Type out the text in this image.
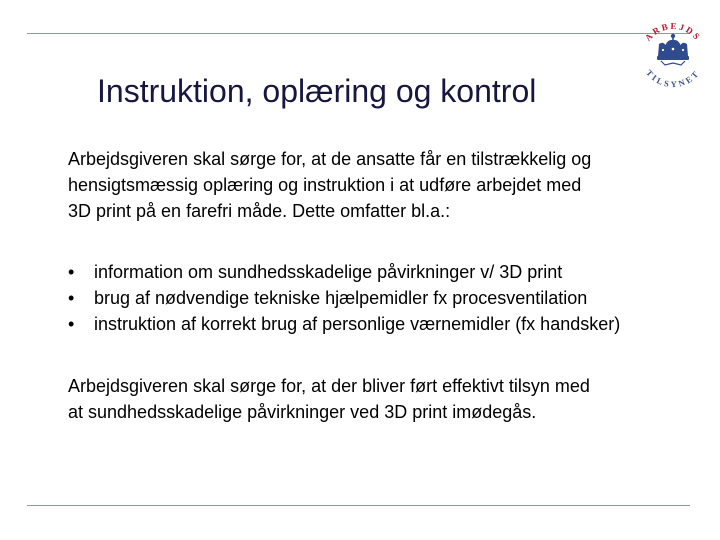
Instruktion, oplæring og kontrol
ARBEJDS
TILSYNET

Arbejdsgiveren skal sørge for, at de ansatte får en tilstrækkelig og
hensigtsmæssig oplæring og instruktion i at udføre arbejdet med
3D print på en farefri måde. Dette omfatter bl.a.:

• information om sundhedsskadelige påvirkninger v/ 3D print
• brug af nødvendige tekniske hjælpemidler fx procesventilation
• instruktion af korrekt brug af personlige værnemidler (fx handsker)

Arbejdsgiveren skal sørge for, at der bliver ført effektivt tilsyn med
at sundhedsskadelige påvirkninger ved 3D print imødegås.
